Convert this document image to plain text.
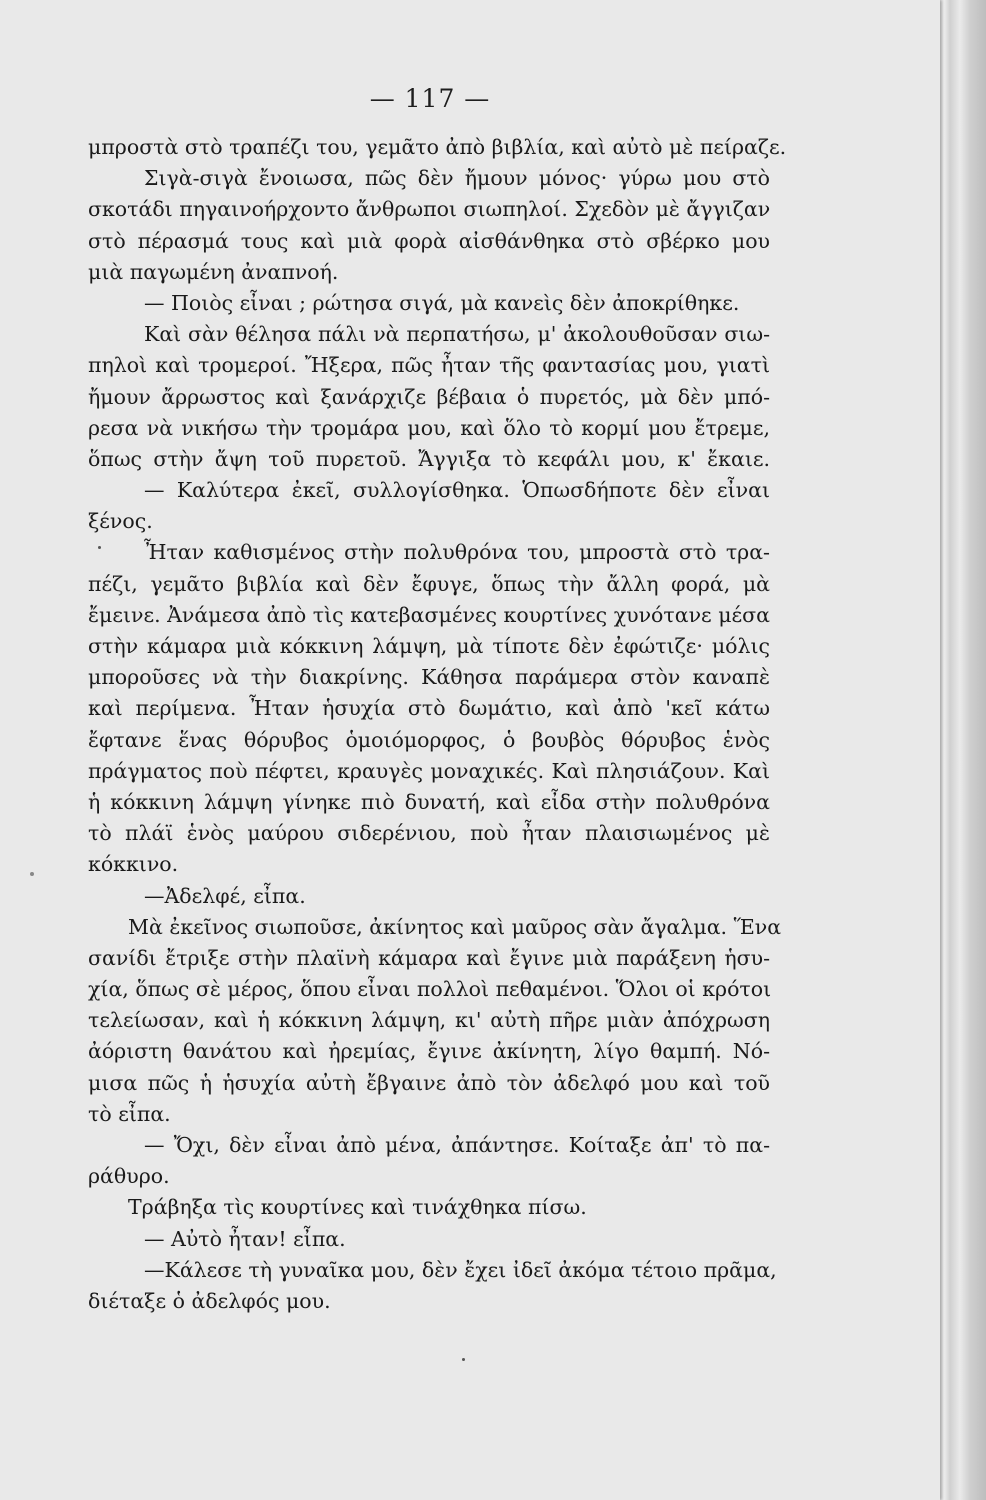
— 117 —
μπροστὰ στὸ τραπέζι του, γεμᾶτο ἀπὸ βιβλία, καὶ αὐτὸ μὲ πείραζε.
Σιγὰ-σιγὰ ἔνοιωσα, πῶς δὲν ἤμουν μόνος· γύρω μου στὸ
σκοτάδι πηγαινοήρχοντο ἄνθρωποι σιωπηλοί. Σχεδὸν μὲ ἄγγιζαν
στὸ πέρασμά τους καὶ μιὰ φορὰ αἰσθάνθηκα στὸ σβέρκο μου
μιὰ παγωμένη ἀναπνοή.
— Ποιὸς εἶναι ; ρώτησα σιγά, μὰ κανεὶς δὲν ἀποκρίθηκε.
Καὶ σὰν θέλησα πάλι νὰ περπατήσω, μ' ἀκολουθοῦσαν σιω-
πηλοὶ καὶ τρομεροί. Ἤξερα, πῶς ἦταν τῆς φαντασίας μου, γιατὶ
ἤμουν ἄρρωστος καὶ ξανάρχιζε βέβαια ὁ πυρετός, μὰ δὲν μπό-
ρεσα νὰ νικήσω τὴν τρομάρα μου, καὶ ὅλο τὸ κορμί μου ἔτρεμε,
ὅπως στὴν ἄψη τοῦ πυρετοῦ. Ἄγγιξα τὸ κεφάλι μου, κ' ἔκαιε.
— Καλύτερα ἐκεῖ, συλλογίσθηκα. Ὁπωσδήποτε δὲν εἶναι
ξένος.
Ἦταν καθισμένος στὴν πολυθρόνα του, μπροστὰ στὸ τρα-
πέζι, γεμᾶτο βιβλία καὶ δὲν ἔφυγε, ὅπως τὴν ἄλλη φορά, μὰ
ἔμεινε. Ἀνάμεσα ἀπὸ τὶς κατεβασμένες κουρτίνες χυνότανε μέσα
στὴν κάμαρα μιὰ κόκκινη λάμψη, μὰ τίποτε δὲν ἐφώτιζε· μόλις
μπoροῦσες νὰ τὴν διακρίνης. Κάθησα παράμερα στὸν καναπὲ
καὶ περίμενα. Ἦταν ἡσυχία στὸ δωμάτιο, καὶ ἀπὸ 'κεῖ κάτω
ἔφτανε ἕνας θόρυβος ὁμοιόμορφος, ὁ βουβὸς θόρυβος ἑνὸς
πράγματος ποὺ πέφτει, κραυγὲς μοναχικές. Καὶ πλησιάζουν. Καὶ
ἡ κόκκινη λάμψη γίνηκε πιὸ δυνατή, καὶ εἶδα στὴν πολυθρόνα
τὸ πλάϊ ἑνὸς μαύρου σιδερένιου, ποὺ ἦταν πλαισιωμένος μὲ
κόκκινο.
—Ἀδελφέ, εἶπα.
Μὰ ἐκεῖνος σιωποῦσε, ἀκίνητος καὶ μαῦρος σὰν ἄγαλμα. Ἕνα
σανίδι ἔτριξε στὴν πλαϊνὴ κάμαρα καὶ ἔγινε μιὰ παράξενη ἡσυ-
χία, ὅπως σὲ μέρος, ὅπου εἶναι πολλοὶ πεθαμένοι. Ὅλοι οἱ κρότοι
τελείωσαν, καὶ ἡ κόκκινη λάμψη, κι' αὐτὴ πῆρε μιὰν ἀπόχρωση
ἀόριστη θανάτου καὶ ἠρεμίας, ἔγινε ἀκίνητη, λίγο θαμπή. Νό-
μισα πῶς ἡ ἡσυχία αὐτὴ ἔβγαινε ἀπὸ τὸν ἀδελφό μου καὶ τοῦ
τὸ εἶπα.
— Ὄχι, δὲν εἶναι ἀπὸ μένα, ἀπάντησε. Κοίταξε ἀπ' τὸ πα-
ράθυρο.
Τράβηξα τὶς κουρτίνες καὶ τινάχθηκα πίσω.
— Αὐτὸ ἦταν! εἶπα.
—Κάλεσε τὴ γυναῖκα μου, δὲν ἔχει ἰδεῖ ἀκόμα τέτοιο πρᾶμα,
διέταξε ὁ ἀδελφός μου.
